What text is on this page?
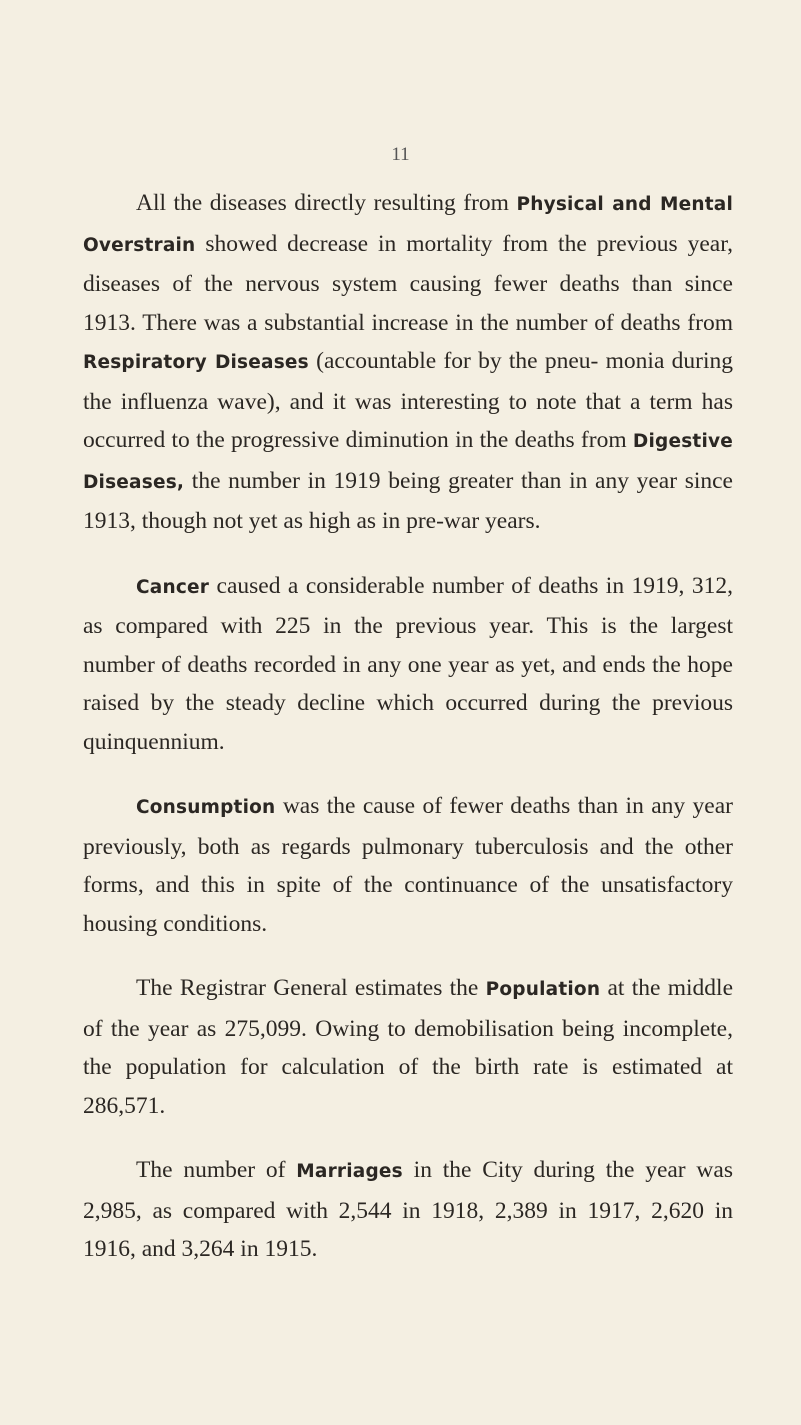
11

All the diseases directly resulting from Physical and Mental Overstrain showed decrease in mortality from the previous year, diseases of the nervous system causing fewer deaths than since 1913. There was a substantial increase in the number of deaths from Respiratory Diseases (accountable for by the pneu- monia during the influenza wave), and it was interesting to note that a term has occurred to the progressive diminution in the deaths from Digestive Diseases, the number in 1919 being greater than in any year since 1913, though not yet as high as in pre-war years.

Cancer caused a considerable number of deaths in 1919, 312, as compared with 225 in the previous year. This is the largest number of deaths recorded in any one year as yet, and ends the hope raised by the steady decline which occurred during the previous quinquennium.

Consumption was the cause of fewer deaths than in any year previously, both as regards pulmonary tuberculosis and the other forms, and this in spite of the continuance of the unsatisfactory housing conditions.

The Registrar General estimates the Population at the middle of the year as 275,099. Owing to demobilisation being incomplete, the population for calculation of the birth rate is estimated at 286,571.

The number of Marriages in the City during the year was 2,985, as compared with 2,544 in 1918, 2,389 in 1917, 2,620 in 1916, and 3,264 in 1915.
